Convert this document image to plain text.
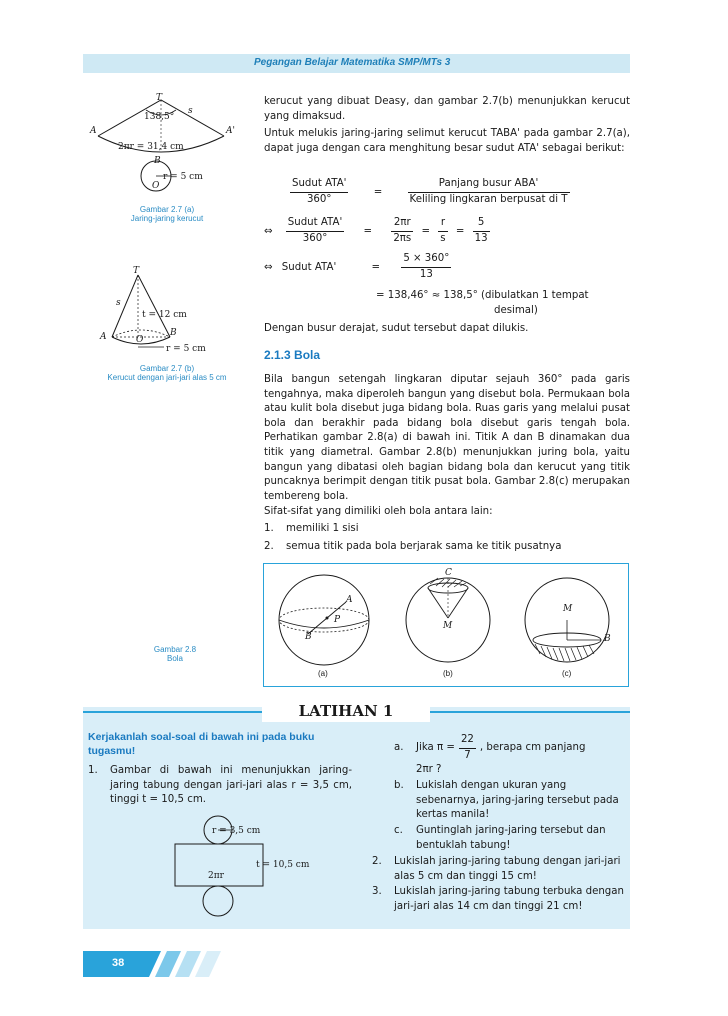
Pegangan Belajar Matematika SMP/MTs 3
T
s
138,5°
A	A'
2πr = 31,4 cm
B
r = 5 cm
O
Gambar 2.7 (a)
Jaring-jaring kerucut
T
s
t = 12 cm
A	B
O
r = 5 cm
Gambar 2.7 (b)
Kerucut dengan jari-jari alas 5 cm
kerucut yang dibuat Deasy, dan gambar 2.7(b) menunjukkan kerucut yang dimaksud.
Untuk melukis jaring-jaring selimut kerucut TABA' pada gambar 2.7(a), dapat juga dengan cara menghitung besar sudut ATA' sebagai berikut:
$\frac{\text{Sudut ATA'}}{360^\circ} = \frac{\text{Panjang busur ABA'}}{\text{Keliling lingkaran berpusat di T}}$
⇔ $\frac{\text{Sudut ATA'}}{360^\circ} = \frac{2\pi r}{2\pi s} = \frac{r}{s} = \frac{5}{13}$
⇔ Sudut ATA'	= $\frac{5 \times 360^\circ}{13}$
= 138,46° ≈ 138,5° (dibulatkan 1 tempat
desimal)
Dengan busur derajat, sudut tersebut dapat dilukis.
2.1.3 Bola
Bila bangun setengah lingkaran diputar sejauh 360° pada garis tengahnya, maka diperoleh bangun yang disebut bola. Permukaan bola atau kulit bola disebut juga bidang bola. Ruas garis yang melalui pusat bola dan berakhir pada bidang bola disebut garis tengah bola. Perhatikan gambar 2.8(a) di bawah ini. Titik A dan B dinamakan dua titik yang diametral. Gambar 2.8(b) menunjukkan juring bola, yaitu bangun yang dibatasi oleh bagian bidang bola dan kerucut yang titik puncaknya berimpit dengan titik pusat bola. Gambar 2.8(c) merupakan tembereng bola.
Sifat-sifat yang dimiliki oleh bola antara lain:
1. memiliki 1 sisi
2. semua titik pada bola berjarak sama ke titik pusatnya
A
P
B
C
M
M
B
(a)	(b)	(c)
Gambar 2.8
Bola
LATIHAN 1
Kerjakanlah soal-soal di bawah ini pada buku tugasmu!
1.	Gambar di bawah ini menunjukkan jaring-jaring tabung dengan jari-jari alas r = 3,5 cm, tinggi t = 10,5 cm.
r = 3,5 cm
t = 10,5 cm
2πr
a.	Jika $\pi = \frac{22}{7}$ , berapa cm panjang
2πr ?
b.	Lukislah dengan ukuran yang sebenarnya, jaring-jaring tersebut pada kertas manila!
c.	Guntinglah jaring-jaring tersebut dan bentuklah tabung!
2.	Lukislah jaring-jaring tabung dengan jari-jari alas 5 cm dan tinggi 15 cm!
3.	Lukislah jaring-jaring tabung terbuka dengan jari-jari alas 14 cm dan tinggi 21 cm!
38
